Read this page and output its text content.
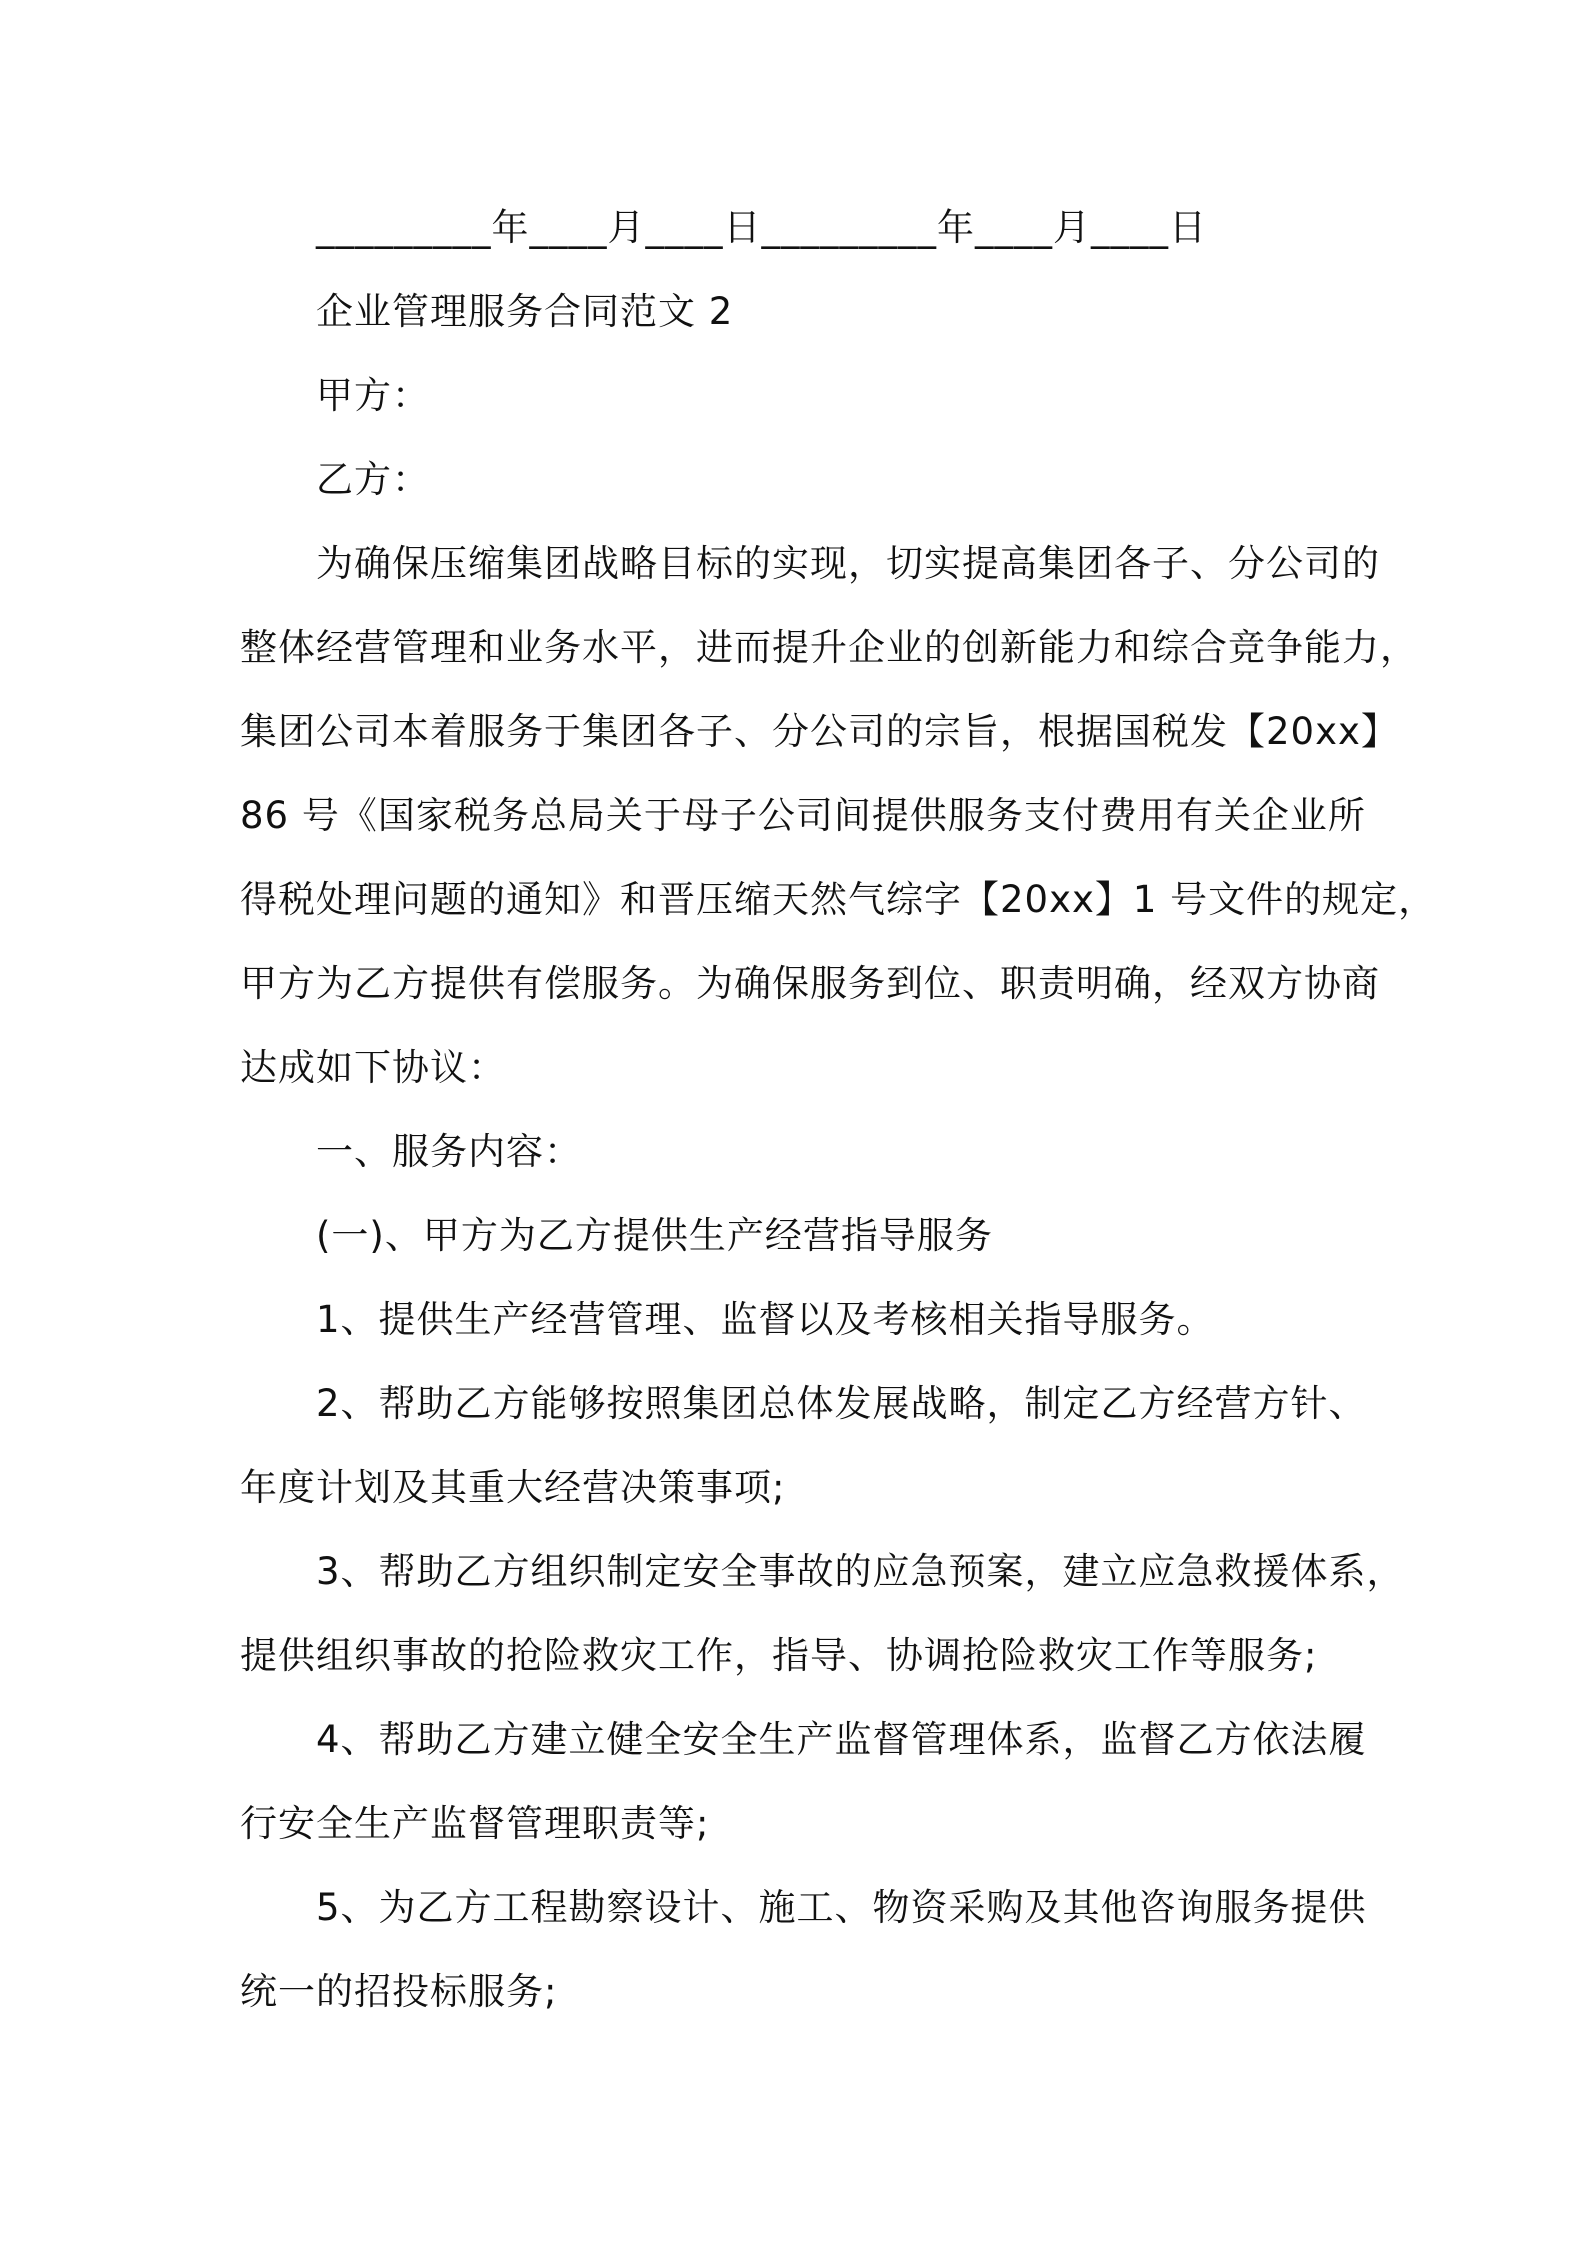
_________年____月____日_________年____月____日
企业管理服务合同范文 2
甲方：
乙方：
为确保压缩集团战略目标的实现，切实提高集团各子、分公司的
整体经营管理和业务水平，进而提升企业的创新能力和综合竞争能力，
集团公司本着服务于集团各子、分公司的宗旨，根据国税发【20xx】
86 号《国家税务总局关于母子公司间提供服务支付费用有关企业所
得税处理问题的通知》和晋压缩天然气综字【20xx】1 号文件的规定，
甲方为乙方提供有偿服务。为确保服务到位、职责明确，经双方协商
达成如下协议：
一、服务内容：
(一)、甲方为乙方提供生产经营指导服务
1、提供生产经营管理、监督以及考核相关指导服务。
2、帮助乙方能够按照集团总体发展战略，制定乙方经营方针、
年度计划及其重大经营决策事项;
3、帮助乙方组织制定安全事故的应急预案，建立应急救援体系，
提供组织事故的抢险救灾工作，指导、协调抢险救灾工作等服务;
4、帮助乙方建立健全安全生产监督管理体系，监督乙方依法履
行安全生产监督管理职责等;
5、为乙方工程勘察设计、施工、物资采购及其他咨询服务提供
统一的招投标服务;
